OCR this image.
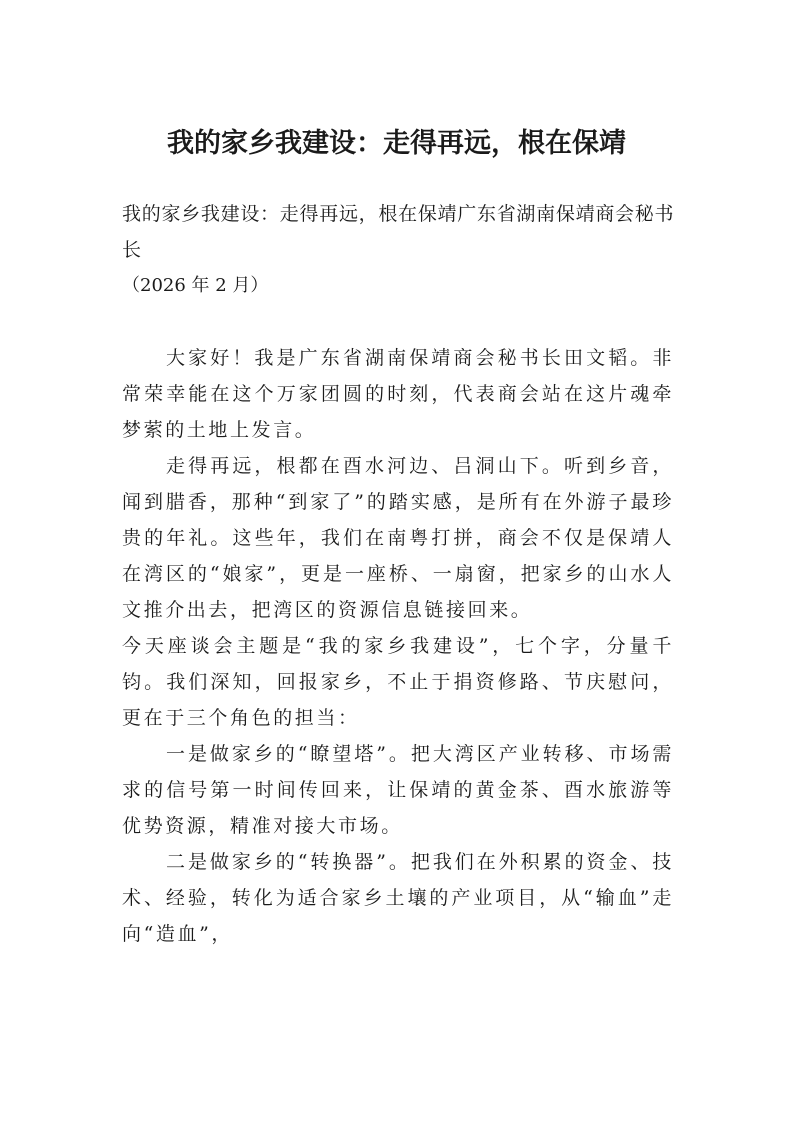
我的家乡我建设：走得再远，根在保靖

我的家乡我建设：走得再远，根在保靖广东省湖南保靖商会秘书长

（2026 年 2 月）

大家好！我是广东省湖南保靖商会秘书长田文韬。非常荣幸能在这个万家团圆的时刻，代表商会站在这片魂牵梦萦的土地上发言。

走得再远，根都在酉水河边、吕洞山下。听到乡音，闻到腊香，那种“到家了”的踏实感，是所有在外游子最珍贵的年礼。这些年，我们在南粤打拼，商会不仅是保靖人在湾区的“娘家”，更是一座桥、一扇窗，把家乡的山水人文推介出去，把湾区的资源信息链接回来。

今天座谈会主题是“我的家乡我建设”，七个字，分量千钧。我们深知，回报家乡，不止于捐资修路、节庆慰问，更在于三个角色的担当：

一是做家乡的“瞭望塔”。把大湾区产业转移、市场需求的信号第一时间传回来，让保靖的黄金茶、酉水旅游等优势资源，精准对接大市场。

二是做家乡的“转换器”。把我们在外积累的资金、技术、经验，转化为适合家乡土壤的产业项目，从“输血”走向“造血”，
